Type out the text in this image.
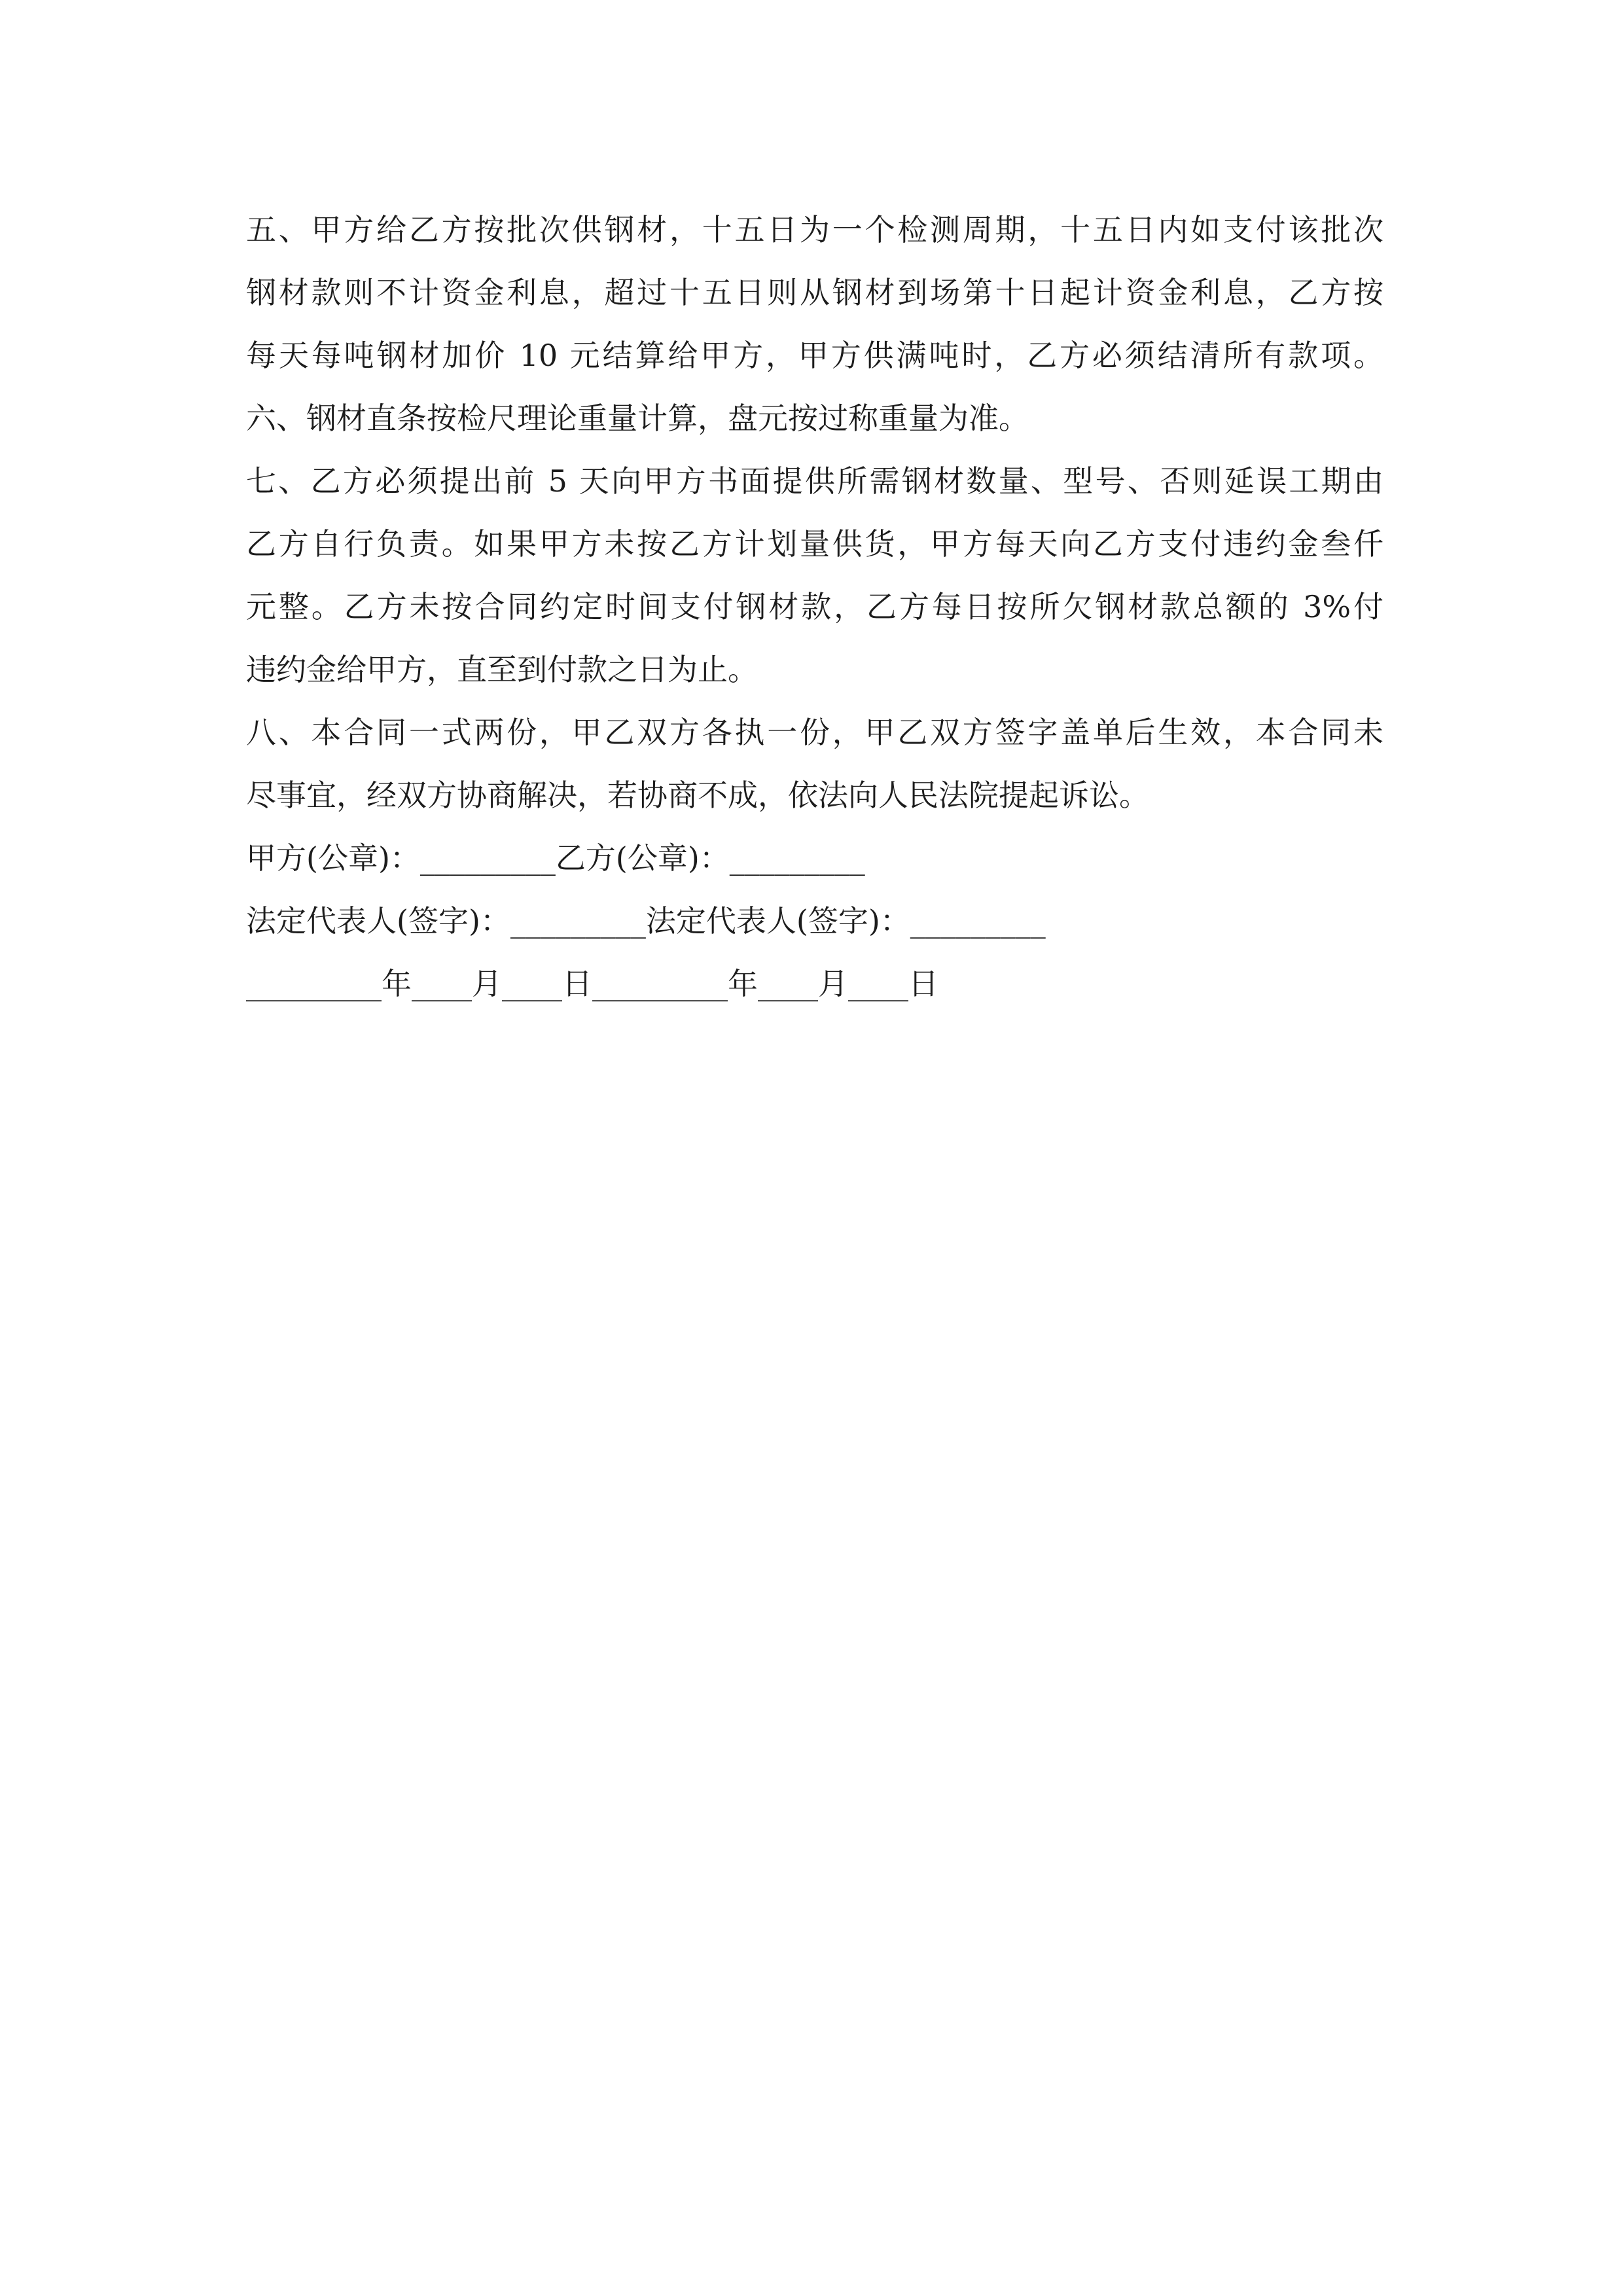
五、甲方给乙方按批次供钢材，十五日为一个检测周期，十五日内如支付该批次
钢材款则不计资金利息，超过十五日则从钢材到场第十日起计资金利息，乙方按
每天每吨钢材加价 10 元结算给甲方，甲方供满吨时，乙方必须结清所有款项。
六、钢材直条按检尺理论重量计算，盘元按过称重量为准。
七、乙方必须提出前 5 天向甲方书面提供所需钢材数量、型号、否则延误工期由
乙方自行负责。如果甲方未按乙方计划量供货，甲方每天向乙方支付违约金叁仟
元整。乙方未按合同约定时间支付钢材款，乙方每日按所欠钢材款总额的 3%付
违约金给甲方，直至到付款之日为止。
八、本合同一式两份，甲乙双方各执一份，甲乙双方签字盖单后生效，本合同未
尽事宜，经双方协商解决，若协商不成，依法向人民法院提起诉讼。
甲方(公章)：_________乙方(公章)：_________
法定代表人(签字)：_________法定代表人(签字)：_________
_________年____月____日_________年____月____日
